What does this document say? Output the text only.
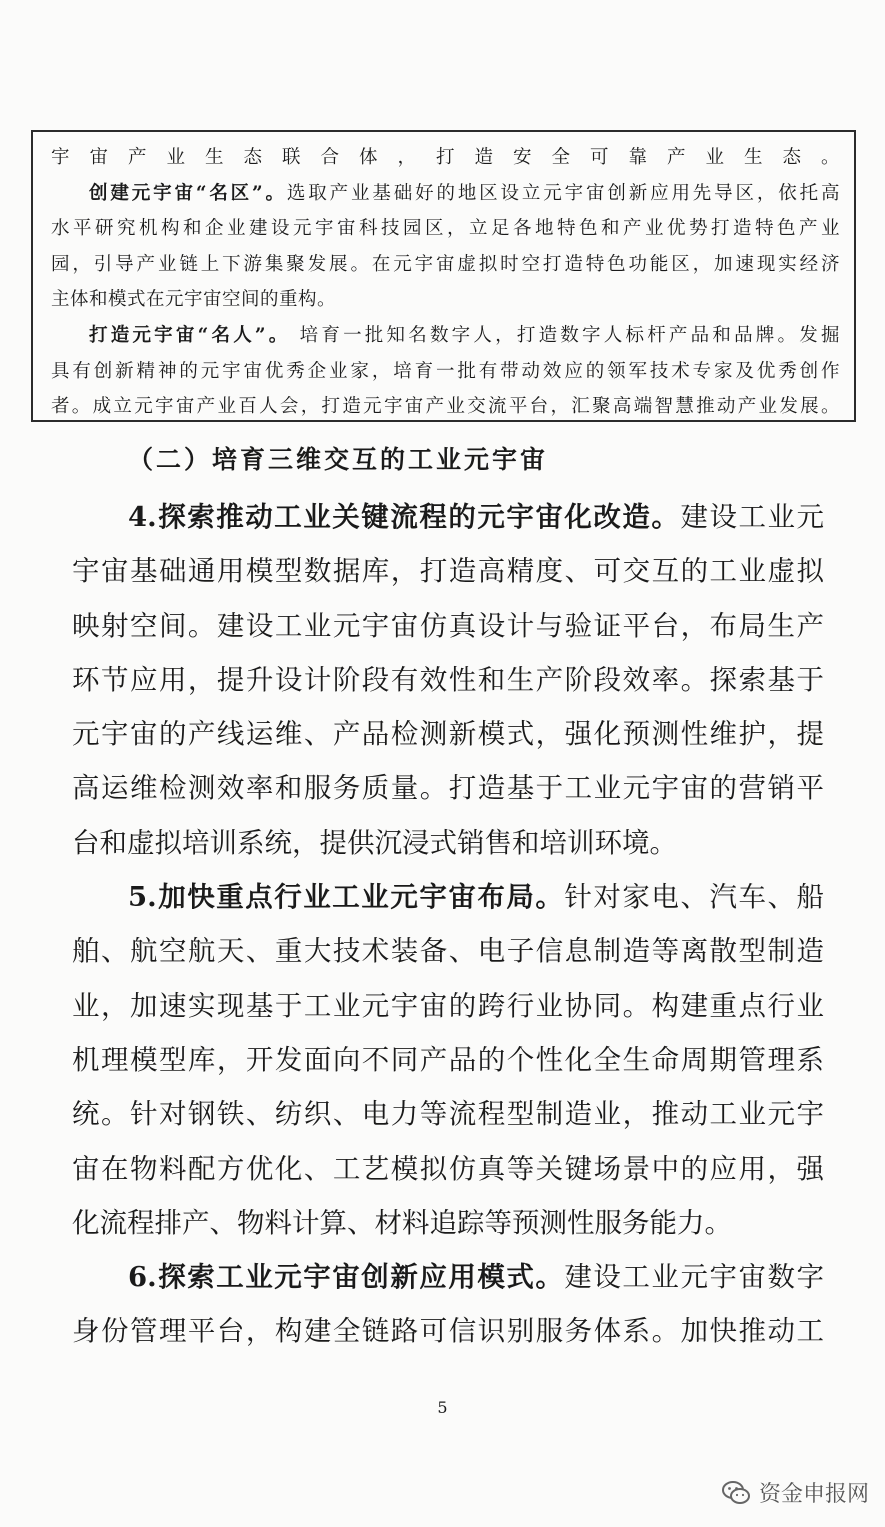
宇宙产业生态联合体，打造安全可靠产业生态。

创建元宇宙“名区”。选取产业基础好的地区设立元宇宙创新应用先导区，依托高

水平研究机构和企业建设元宇宙科技园区，立足各地特色和产业优势打造特色产业

园，引导产业链上下游集聚发展。在元宇宙虚拟时空打造特色功能区，加速现实经济

主体和模式在元宇宙空间的重构。

打造元宇宙“名人”。 培育一批知名数字人，打造数字人标杆产品和品牌。发掘

具有创新精神的元宇宙优秀企业家，培育一批有带动效应的领军技术专家及优秀创作

者。成立元宇宙产业百人会，打造元宇宙产业交流平台，汇聚高端智慧推动产业发展。

（二）培育三维交互的工业元宇宙

4.探索推动工业关键流程的元宇宙化改造。建设工业元

宇宙基础通用模型数据库，打造高精度、可交互的工业虚拟

映射空间。建设工业元宇宙仿真设计与验证平台，布局生产

环节应用，提升设计阶段有效性和生产阶段效率。探索基于

元宇宙的产线运维、产品检测新模式，强化预测性维护，提

高运维检测效率和服务质量。打造基于工业元宇宙的营销平

台和虚拟培训系统，提供沉浸式销售和培训环境。

5.加快重点行业工业元宇宙布局。针对家电、汽车、船

舶、航空航天、重大技术装备、电子信息制造等离散型制造

业，加速实现基于工业元宇宙的跨行业协同。构建重点行业

机理模型库，开发面向不同产品的个性化全生命周期管理系

统。针对钢铁、纺织、电力等流程型制造业，推动工业元宇

宙在物料配方优化、工艺模拟仿真等关键场景中的应用，强

化流程排产、物料计算、材料追踪等预测性服务能力。

6.探索工业元宇宙创新应用模式。建设工业元宇宙数字

身份管理平台，构建全链路可信识别服务体系。加快推动工

5
资金申报网
